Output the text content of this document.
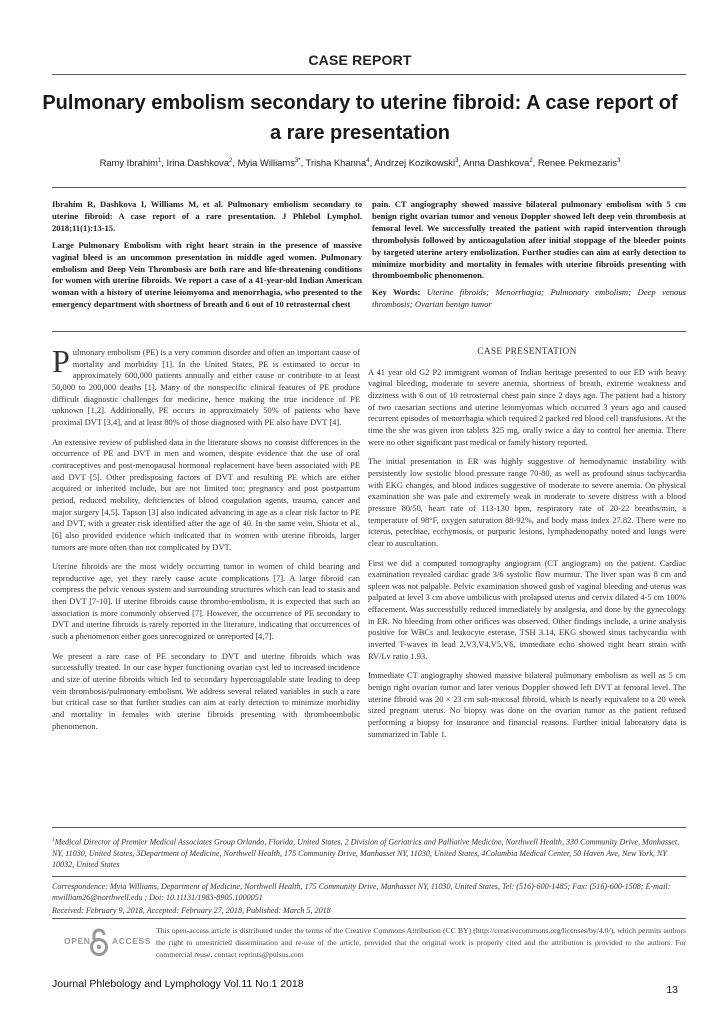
CASE REPORT
Pulmonary embolism secondary to uterine fibroid: A case report of a rare presentation
Ramy Ibrahim$^1$, Irina Dashkova$^2$, Myia Williams$^{3*}$, Trisha Khanna$^4$, Andrzej Kozikowski$^3$, Anna Dashkova$^2$, Renee Pekmezaris$^3$

Ibrahim R, Dashkova I, Williams M, et al. Pulmonary embolism secondary to uterine fibroid: A case report of a rare presentation. J Phlebol Lymphol. 2018;11(1):13-15.

Large Pulmonary Embolism with right heart strain in the presence of massive vaginal bleed is an uncommon presentation in middle aged women. Pulmonary embolism and Deep Vein Thrombosis are both rare and life-threatening conditions for women with uterine fibroids. We report a case of a 41-year-old Indian American woman with a history of uterine leiomyoma and menorrhagia, who presented to the emergency department with shortness of breath and 6 out of 10 retrosternal chest

pain. CT angiography showed massive bilateral pulmonary embolism with 5 cm benign right ovarian tumor and venous Doppler showed left deep vein thrombosis at femoral level. We successfully treated the patient with rapid intervention through thrombolysis followed by anticoagulation after initial stoppage of the bleeder points by targeted uterine artery embolization. Further studies can aim at early detection to minimize morbidity and mortality in females with uterine fibroids presenting with thromboembolic phenomenon.

Key Words: Uterine fibroids; Menorrhagia; Pulmonary embolism; Deep venous thrombosis; Ovarian benign tumor

Pulmonary embolism (PE) is a very common disorder and often an important cause of mortality and morbidity [1]. In the United States, PE is estimated to occur in approximately 600,000 patients annually and either cause or contribute to at least 50,000 to 200,000 deaths [1]. Many of the nonspecific clinical features of PE produce difficult diagnostic challenges for medicine, hence making the true incidence of PE unknown [1,2]. Additionally, PE occurs in approximately 50% of patients who have proximal DVT [3,4], and at least 80% of those diagnosed with PE also have DVT [4].

An extensive review of published data in the literature shows no consist differences in the occurrence of PE and DVT in men and women, despite evidence that the use of oral contraceptives and post-menopausal hormonal replacement have been associated with PE and DVT [5]. Other predisposing factors of DVT and resulting PE which are either acquired or inherited include, but are not limited too; pregnancy and post postpartum period, reduced mobility, deficiencies of blood coagulation agents, trauma, cancer and major surgery [4,5]. Tapson [3] also indicated advancing in age as a clear risk factor to PE and DVT, with a greater risk identified after the age of 40. In the same vein, Shiota et al., [6] also provided evidence which indicated that in women with uterine fibroids, larger tumors are more often than not complicated by DVT.

Uterine fibroids are the most widely occurring tumor in women of child bearing and reproductive age, yet they rarely cause acute complications [7]. A large fibroid can compress the pelvic venous system and surrounding structures which can lead to stasis and then DVT [7-10]. If uterine fibroids cause thrombo-embolism, it is expected that such an association is more commonly observed [7]. However, the occurrence of PE secondary to DVT and uterine fibroids is rarely reported in the literature, indicating that occurrences of such a phenomenon either goes unrecognized or unreported [4,7].

We present a rare case of PE secondary to DVT and uterine fibroids which was successfully treated. In our case hyper functioning ovarian cyst led to increased incidence and size of uterine fibroids which led to secondary hypercoagulable state leading to deep vein thrombosis/pulmonary embolism. We address several related variables in such a rare but critical case so that further studies can aim at early detection to minimize morbidity and mortality in females with uterine fibroids presenting with thromboembolic phenomenon.

CASE PRESENTATION

A 41 year old G2 P2 immigrant woman of Indian heritage presented to our ED with heavy vaginal bleeding, moderate to severe anemia, shortness of breath, extreme weakness and dizziness with 6 out of 10 retrosternal chest pain since 2 days ago. The patient had a history of two caesarian sections and uterine leiomyomas which occurred 3 years ago and caused recurrent episodes of menorrhagia which required 2 packed red blood cell transfusions. At the time the she was given iron tablets 325 mg, orally twice a day to control her anemia. There were no other significant past medical or family history reported.

The initial presentation in ER was highly suggestive of hemodynamic instability with persistently low systolic blood pressure range 70-80, as well as profound sinus tachycardia with EKG changes, and blood indices suggestive of moderate to severe anemia. On physical examination she was pale and extremely weak in moderate to severe distress with a blood pressure 80/50, heart rate of 113-130 bpm, respiratory rate of 20-22 breaths/min, a temperature of 98°F, oxygen saturation 88-92%, and body mass index 27.82. There were no icterus, petechiae, ecchymosis, or purpuric lesions, lymphadenopathy noted and lungs were clear to auscultation.

First we did a computed tomography angiogram (CT angiogram) on the patient. Cardiac examination revealed cardiac grade 3/6 systolic flow murmur. The liver span was 8 cm and spleen was not palpable. Pelvic examination showed gush of vaginal bleeding and uterus was palpated at level 3 cm above umbilicus with prolapsed uterus and cervix dilated 4-5 cm 100% effacement. Was successfully reduced immediately by analgesia, and done by the gynecology in ER. No bleeding from other orifices was observed. Other findings include, a urine analysis positive for WBCs and leukocyte esterase, TSH 3.14, EKG showed sinus tachycardia with inverted T-waves in lead 2,V3,V4,V5,V6, immediate echo showed right heart strain with RV/Lv ratio 1.93.

Immediate CT angiography showed massive bilateral pulmonary embolism as well as 5 cm benign right ovarian tumor and later venous Doppler showed left DVT at femoral level. The uterine fibroid was 20 × 23 cm sub-mucosal fibroid, which is nearly equivalent to a 20 week sized pregnant uterus. No biopsy was done on the ovarian tumor as the patient refused performing a biopsy for insurance and financial reasons. Further initial laboratory data is summarized in Table 1.

$^1$Medical Director of Premier Medical Associates Group Orlando, Florida, United States, 2 Division of Geriatrics and Palliative Medicine, Northwell Health, 330 Community Drive, Manhasset, NY, 11030, United States, 3Department of Medicine, Northwell Health, 175 Community Drive, Manhasset NY, 11030, United States, 4Columbia Medical Center, 50 Haven Ave, New York, NY 10032, United States
Correspondence: Myia Williams, Department of Medicine, Northwell Health, 175 Community Drive, Manhasset NY, 11030, United States, Tel: (516)-600-1485; Fax: (516)-600-1508; E-mail: mwilliam26@northwell.edu ; Doi: 10.11131/1983-8905.1000051
Received: February 9, 2018, Accepted: February 27, 2018, Published: March 5, 2018
OPEN	ACCESS
This open-access article is distributed under the terms of the Creative Commons Attribution (CC BY) (http://creativecommons.org/licenses/by/4.0/), which permits authors the right to unrestricted dissemination and re-use of the article, provided that the original work is properly cited and the attribution is provided to the authors. For commercial reuse, contact reprints@pulsus.com
Journal Phlebology and Lymphology Vol.11 No.1 2018	13
